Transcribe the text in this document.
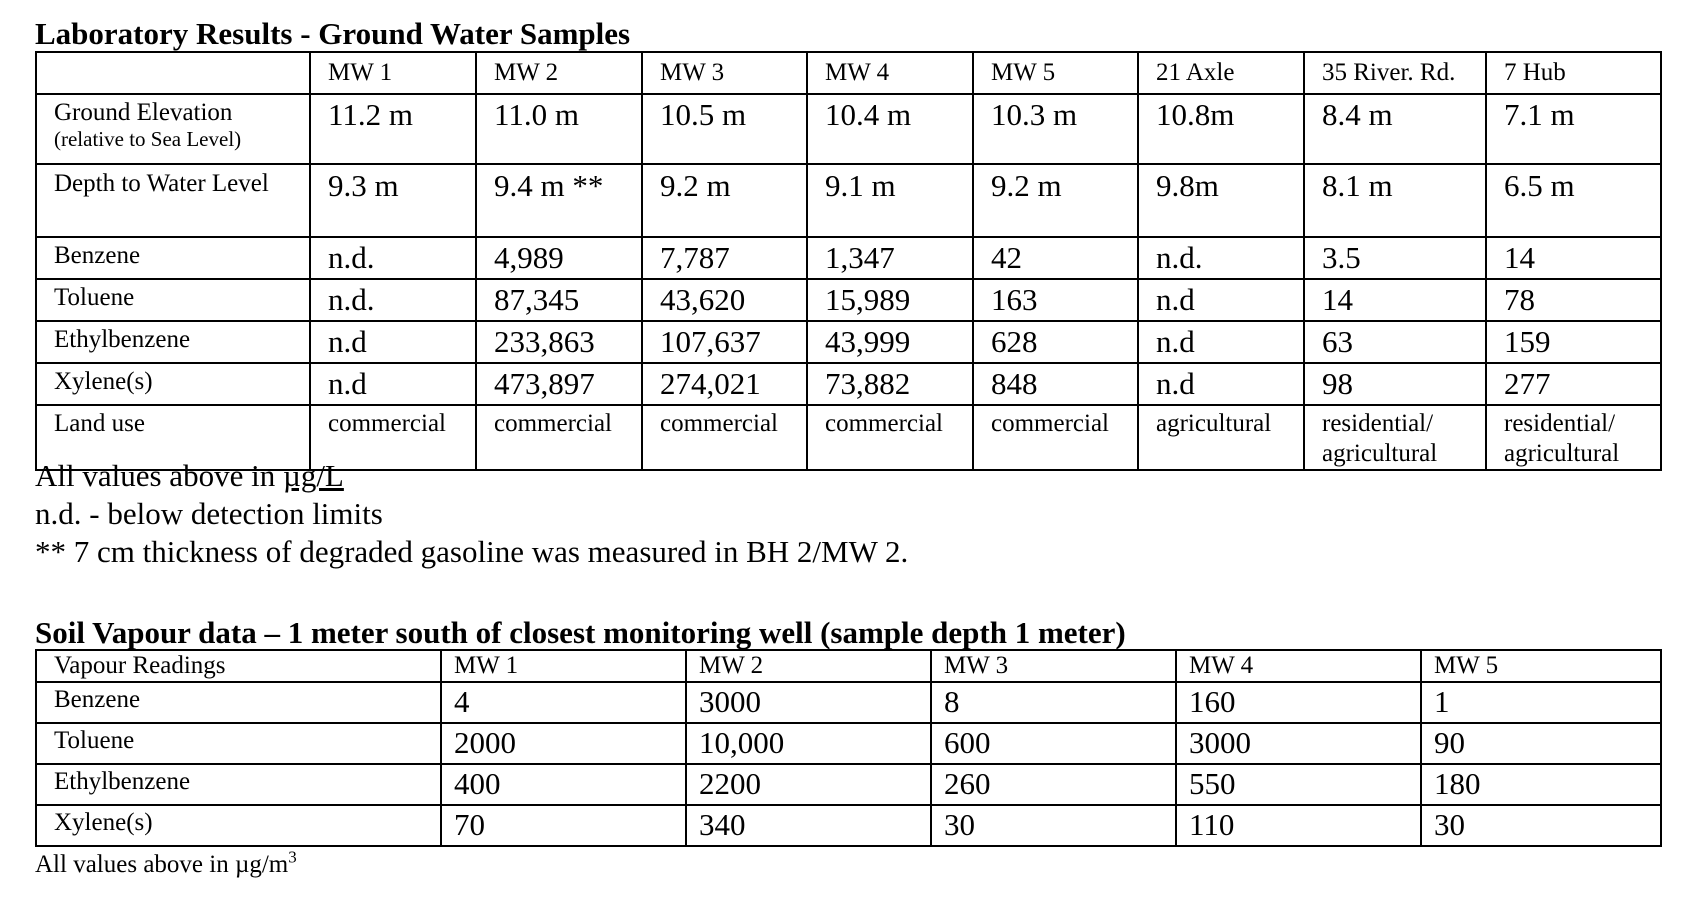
Laboratory Results - Ground Water Samples
	MW 1	MW 2	MW 3	MW 4	MW 5	21 Axle	35 River. Rd.	7 Hub
Ground Elevation
(relative to Sea Level)	11.2 m	11.0 m	10.5 m	10.4 m	10.3 m	10.8m	8.4 m	7.1 m
Depth to Water Level	9.3 m	9.4 m **	9.2 m	9.1 m	9.2 m	9.8m	8.1 m	6.5 m
Benzene	n.d.	4,989	7,787	1,347	42	n.d.	3.5	14
Toluene	n.d.	87,345	43,620	15,989	163	n.d	14	78
Ethylbenzene	n.d	233,863	107,637	43,999	628	n.d	63	159
Xylene(s)	n.d	473,897	274,021	73,882	848	n.d	98	277
Land use	commercial	commercial	commercial	commercial	commercial	agricultural	residential/ agricultural	residential/ agricultural
All values above in µg/L
n.d. - below detection limits
** 7 cm thickness of degraded gasoline was measured in BH 2/MW 2.
Soil Vapour data – 1 meter south of closest monitoring well (sample depth 1 meter)
Vapour Readings	MW 1	MW 2	MW 3	MW 4	MW 5
Benzene	4	3000	8	160	1
Toluene	2000	10,000	600	3000	90
Ethylbenzene	400	2200	260	550	180
Xylene(s)	70	340	30	110	30
All values above in $\mu g/m^3$
